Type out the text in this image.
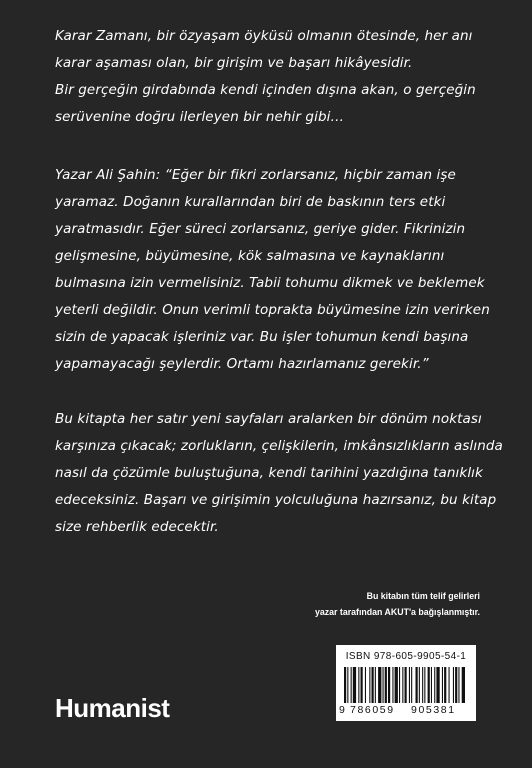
Karar Zamanı, bir özyaşam öyküsü olmanın ötesinde, her anı
karar aşaması olan, bir girişim ve başarı hikâyesidir.
Bir gerçeğin girdabında kendi içinden dışına akan, o gerçeğin
serüvenine doğru ilerleyen bir nehir gibi…
Yazar Ali Şahin: “Eğer bir fikri zorlarsanız, hiçbir zaman işe
yaramaz. Doğanın kurallarından biri de baskının ters etki
yaratmasıdır. Eğer süreci zorlarsanız, geriye gider. Fikrinizin
gelişmesine, büyümesine, kök salmasına ve kaynaklarını
bulmasına izin vermelisiniz. Tabii tohumu dikmek ve beklemek
yeterli değildir. Onun verimli toprakta büyümesine izin verirken
sizin de yapacak işleriniz var. Bu işler tohumun kendi başına
yapamayacağı şeylerdir. Ortamı hazırlamanız gerekir.”
Bu kitapta her satır yeni sayfaları aralarken bir dönüm noktası
karşınıza çıkacak; zorlukların, çelişkilerin, imkânsızlıkların aslında
nasıl da çözümle buluştuğuna, kendi tarihini yazdığına tanıklık
edeceksiniz. Başarı ve girişimin yolculuğuna hazırsanız, bu kitap
size rehberlik edecektir.
Bu kitabın tüm telif gelirleri
yazar tarafından AKUT'a bağışlanmıştır.
Humanist
ISBN 978-605-9905-54-1
9 786059 905381
